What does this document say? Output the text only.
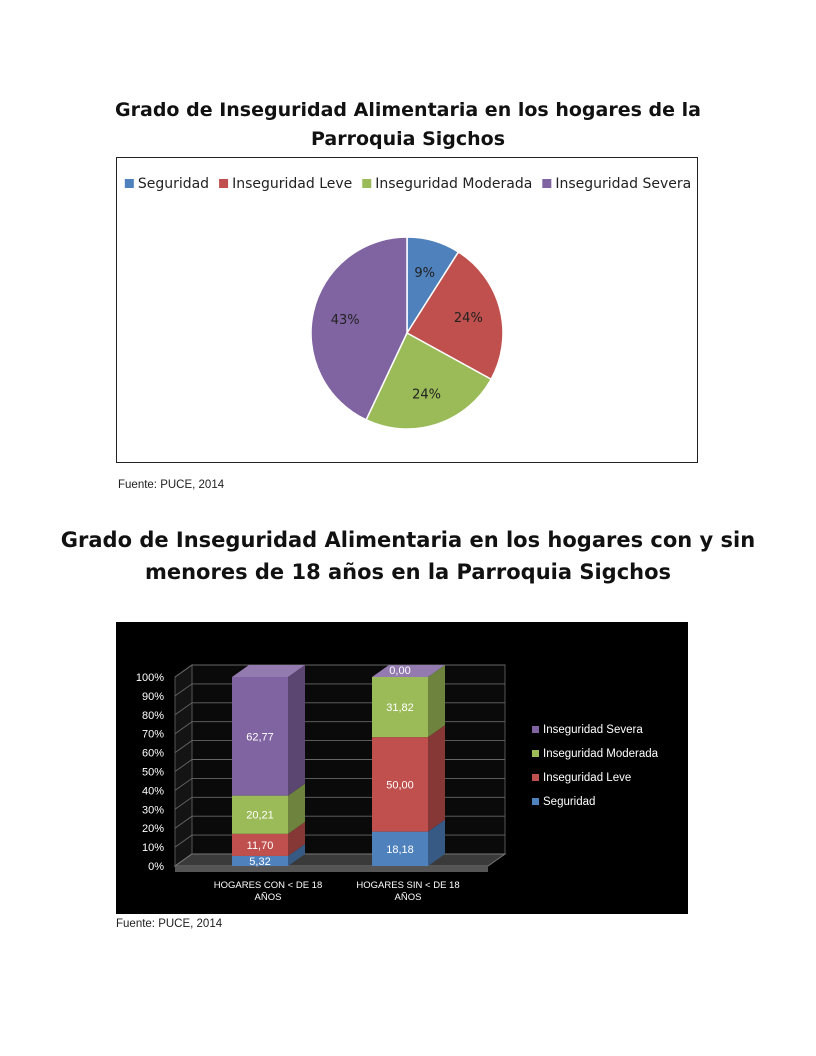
Grado de Inseguridad Alimentaria en los hogares de la
Parroquia Sigchos
Seguridad Inseguridad Leve Inseguridad Moderada Inseguridad Severa
9%
24%
24%
43%
Fuente: PUCE, 2014
Grado de Inseguridad Alimentaria en los hogares con y sin
menores de 18 años en la Parroquia Sigchos
0%
10%
20%
30%
40%
50%
60%
70%
80%
90%
100%
5,32
11,70
20,21
62,77
HOGARES CON < DE 18
AÑOS
18,18
50,00
31,82
0,00
HOGARES SIN < DE 18
AÑOS
Inseguridad Severa
Inseguridad Moderada
Inseguridad Leve
Seguridad
Fuente: PUCE, 2014
